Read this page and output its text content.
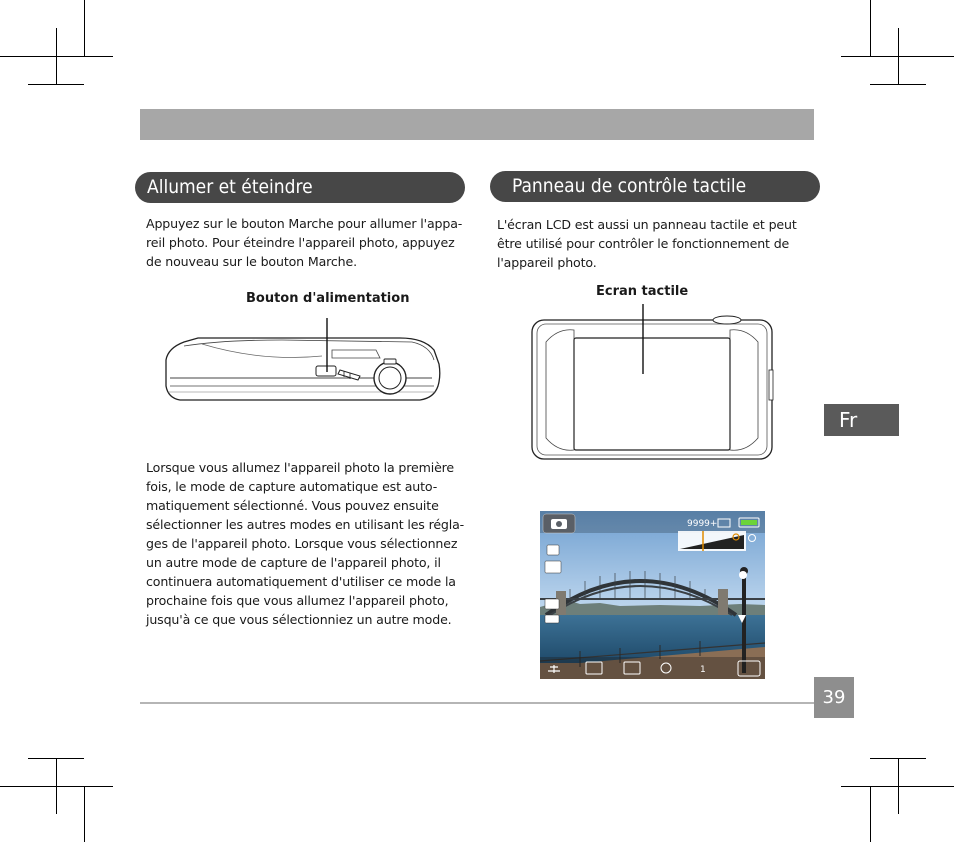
Allumer et éteindre
Appuyez sur le bouton Marche pour allumer l'appa-
reil photo. Pour éteindre l'appareil photo, appuyez
de nouveau sur le bouton Marche.
Bouton d'alimentation
Lorsque vous allumez l'appareil photo la première
fois, le mode de capture automatique est auto-
matiquement sélectionné. Vous pouvez ensuite
sélectionner les autres modes en utilisant les régla-
ges de l'appareil photo. Lorsque vous sélectionnez
un autre mode de capture de l'appareil photo, il
continuera automatiquement d'utiliser ce mode la
prochaine fois que vous allumez l'appareil photo,
jusqu'à ce que vous sélectionniez un autre mode.
Panneau de contrôle tactile
L'écran LCD est aussi un panneau tactile et peut
être utilisé pour contrôler le fonctionnement de
l'appareil photo.
Ecran tactile
9999+
1
Fr
39
